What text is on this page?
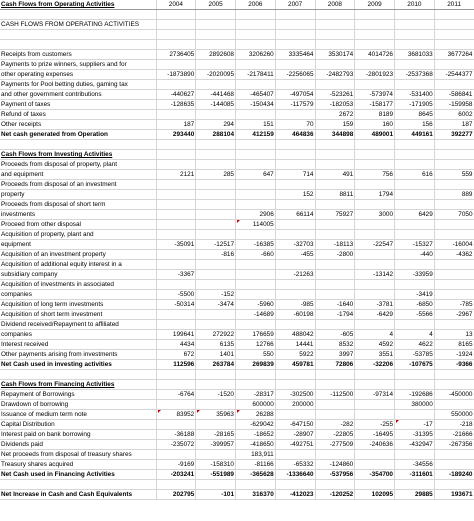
Cash Flows from Operating Activities	2004	2005	2006	2007	2008	2009	2010	2011

CASH FLOWS FROM OPERATING ACTIVITIES								

Receipts from customers	2736405	2892608	3206260	3335464	3530174	4014726	3681033	3677264
Payments to prize winners, suppliers and for								
other operating expenses	-1873890	-2020095	-2178411	-2256065	-2482793	-2801923	-2537368	-2544377
Payments for Pool betting duties, gaming tax								
and other government contributions	-440627	-441468	-465407	-497054	-523261	-573974	-531400	-586841
Payment of taxes	-128635	-144085	-150434	-117579	-182053	-158177	-171905	-159958
Refund of taxes					2672	8189	8645	6002
Other receipts	187	294	151	70	159	160	156	187
Net cash generated from Operation	293440	288104	412159	464836	344898	489001	449161	392277

Cash Flows from Investing Activities								
Proceeds from disposal of property, plant								
and equipment	2121	285	647	714	491	756	616	559
Proceeds from disposal of an investment								
property				152	8811	1794		889
Proceeds from disposal of short term								
investments			2906	66114	75927	3000	6429	7050
Proceed from other disposal			114005

Acquisition of property, plant and								
equipment	-35091	-12517	-16385	-32703	-18113	-22547	-15327	-16004
Acquisition of an investment property		-816	-660	-455	-2800		-440	-4362
Acquisition of additional equity interest in a								
subsidiary company	-3367			-21263		-13142	-33959	
Acquisition of investments in associated								
companies	-5500	-152					-3419	
Acquisition of long term investments	-50314	-3474	-5960	-985	-1640	-3781	-6850	-785
Acquisition of short term investment			-14689	-60198	-1794	-6429	-5566	-2967
Dividend received/Repayment to affiliated								
companies	199641	272922	176659	488042	-605	4	4	13
Interest received	4434	6135	12766	14441	8532	4592	4622	8165
Other payments arising from investments	672	1401	550	5922	3997	3551	-53785	-1924
Net Cash used in investing activities	112596	263784	269839	459781	72806	-32206	-107675	-9366

Cash Flows from Financing Activities								
Repayment of Borrowings	-6764	-1520	-28317	-302500	-112500	-97314	-192686	-450000
Drawdown of borrowing			600000	200000			380000	
Issuance of medium term note	83952	35963	26288					550000
Capital Distribution			-629042	-647150	-282	-255	-17	-218
Interest paid on bank borrowing	-36188	-28165	-18652	-28907	-22805	-16495	-31395	-21666
Dividends paid	-235072	-399957	-418650	-492751	-277509	-240636	-432947	-267356
Net proceeds from disposal of treasury shares			183,911					
Treasury shares acquired	-9169	-158310	-81166	-65332	-124860		-34556	
Net Cash used in Financing Activities	-203241	-551989	-365628	-1336640	-537956	-354700	-311601	-189240

Net Increase in Cash and Cash Equivalents	202795	-101	316370	-412023	-120252	102095	29885	193671
